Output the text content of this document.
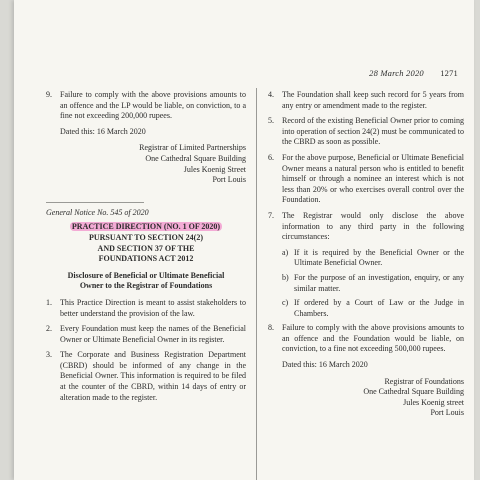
28 March 2020 1271
9.	Failure to comply with the above provisions amounts to an offence and the LP would be liable, on conviction, to a fine not exceeding 200,000 rupees.
Dated this: 16 March 2020
Registrar of Limited Partnerships
One Cathedral Square Building
Jules Koenig Street
Port Louis
General Notice No. 545 of 2020
PRACTICE DIRECTION (NO. 1 OF 2020)
PURSUANT TO SECTION 24(2)
AND SECTION 37 OF THE
FOUNDATIONS ACT 2012
Disclosure of Beneficial or Ultimate Beneficial
Owner to the Registrar of Foundations
1.	This Practice Direction is meant to assist stakeholders to better understand the provision of the law.
2.	Every Foundation must keep the names of the Beneficial Owner or Ultimate Beneficial Owner in its register.
3.	The Corporate and Business Registration Department (CBRD) should be informed of any change in the Beneficial Owner. This information is required to be filed at the counter of the CBRD, within 14 days of entry or alteration made to the register.
4.	The Foundation shall keep such record for 5 years from any entry or amendment made to the register.
5.	Record of the existing Beneficial Owner prior to coming into operation of section 24(2) must be communicated to the CBRD as soon as possible.
6.	For the above purpose, Beneficial or Ultimate Beneficial Owner means a natural person who is entitled to benefit himself or through a nominee an interest which is not less than 20% or who exercises overall control over the Foundation.
7.	The Registrar would only disclose the above information to any third party in the following circumstances:
a) If it is required by the Beneficial Owner or the Ultimate Beneficial Owner.
b) For the purpose of an investigation, enquiry, or any similar matter.
c) If ordered by a Court of Law or the Judge in Chambers.
8.	Failure to comply with the above provisions amounts to an offence and the Foundation would be liable, on conviction, to a fine not exceeding 500,000 rupees.
Dated this: 16 March 2020
Registrar of Foundations
One Cathedral Square Building
Jules Koenig street
Port Louis
